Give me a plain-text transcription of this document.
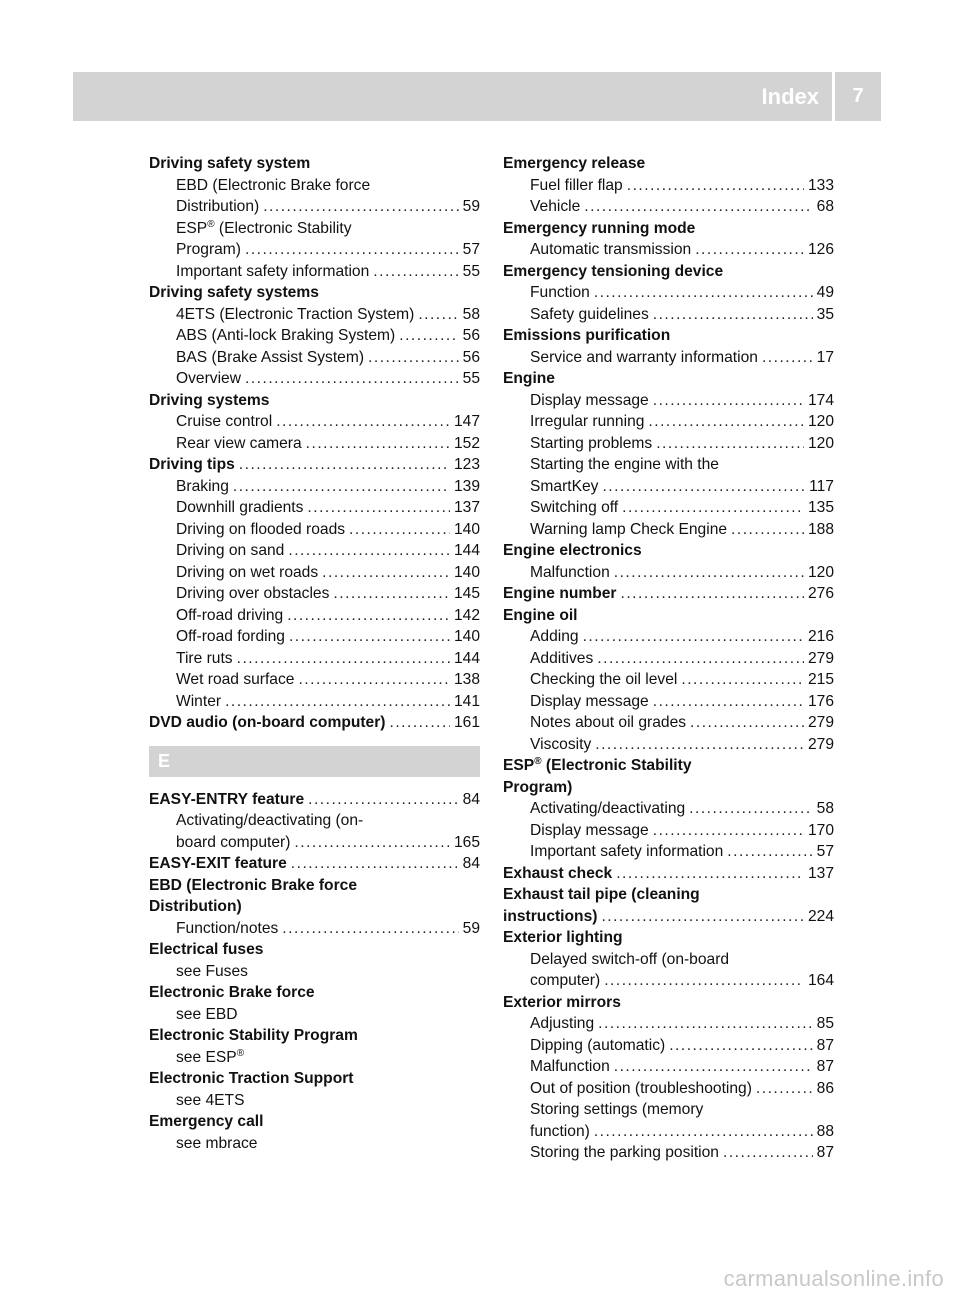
Index	7
Driving safety system
EBD (Electronic Brake force
Distribution) .....	59
ESP® (Electronic Stability
Program) .....	57
Important safety information .....	55
Driving safety systems
4ETS (Electronic Traction System) .....	58
ABS (Anti-lock Braking System) .....	56
BAS (Brake Assist System) .....	56
Overview .....	55
Driving systems
Cruise control .....	147
Rear view camera .....	152
Driving tips .....	123
Braking .....	139
Downhill gradients .....	137
Driving on flooded roads .....	140
Driving on sand .....	144
Driving on wet roads .....	140
Driving over obstacles .....	145
Off-road driving .....	142
Off-road fording .....	140
Tire ruts .....	144
Wet road surface .....	138
Winter .....	141
DVD audio (on-board computer) .....	161
E
EASY-ENTRY feature .....	84
Activating/deactivating (on-
board computer) .....	165
EASY-EXIT feature .....	84
EBD (Electronic Brake force
Distribution)
Function/notes .....	59
Electrical fuses
see Fuses
Electronic Brake force
see EBD
Electronic Stability Program
see ESP®
Electronic Traction Support
see 4ETS
Emergency call
see mbrace
Emergency release
Fuel filler flap .....	133
Vehicle .....	68
Emergency running mode
Automatic transmission .....	126
Emergency tensioning device
Function .....	49
Safety guidelines .....	35
Emissions purification
Service and warranty information .....	17
Engine
Display message .....	174
Irregular running .....	120
Starting problems .....	120
Starting the engine with the
SmartKey .....	117
Switching off .....	135
Warning lamp Check Engine .....	188
Engine electronics
Malfunction .....	120
Engine number .....	276
Engine oil
Adding .....	216
Additives .....	279
Checking the oil level .....	215
Display message .....	176
Notes about oil grades .....	279
Viscosity .....	279
ESP® (Electronic Stability
Program)
Activating/deactivating .....	58
Display message .....	170
Important safety information .....	57
Exhaust check .....	137
Exhaust tail pipe (cleaning
instructions) .....	224
Exterior lighting
Delayed switch-off (on-board
computer) .....	164
Exterior mirrors
Adjusting .....	85
Dipping (automatic) .....	87
Malfunction .....	87
Out of position (troubleshooting) .....	86
Storing settings (memory
function) .....	88
Storing the parking position .....	87
carmanualsonline.info
